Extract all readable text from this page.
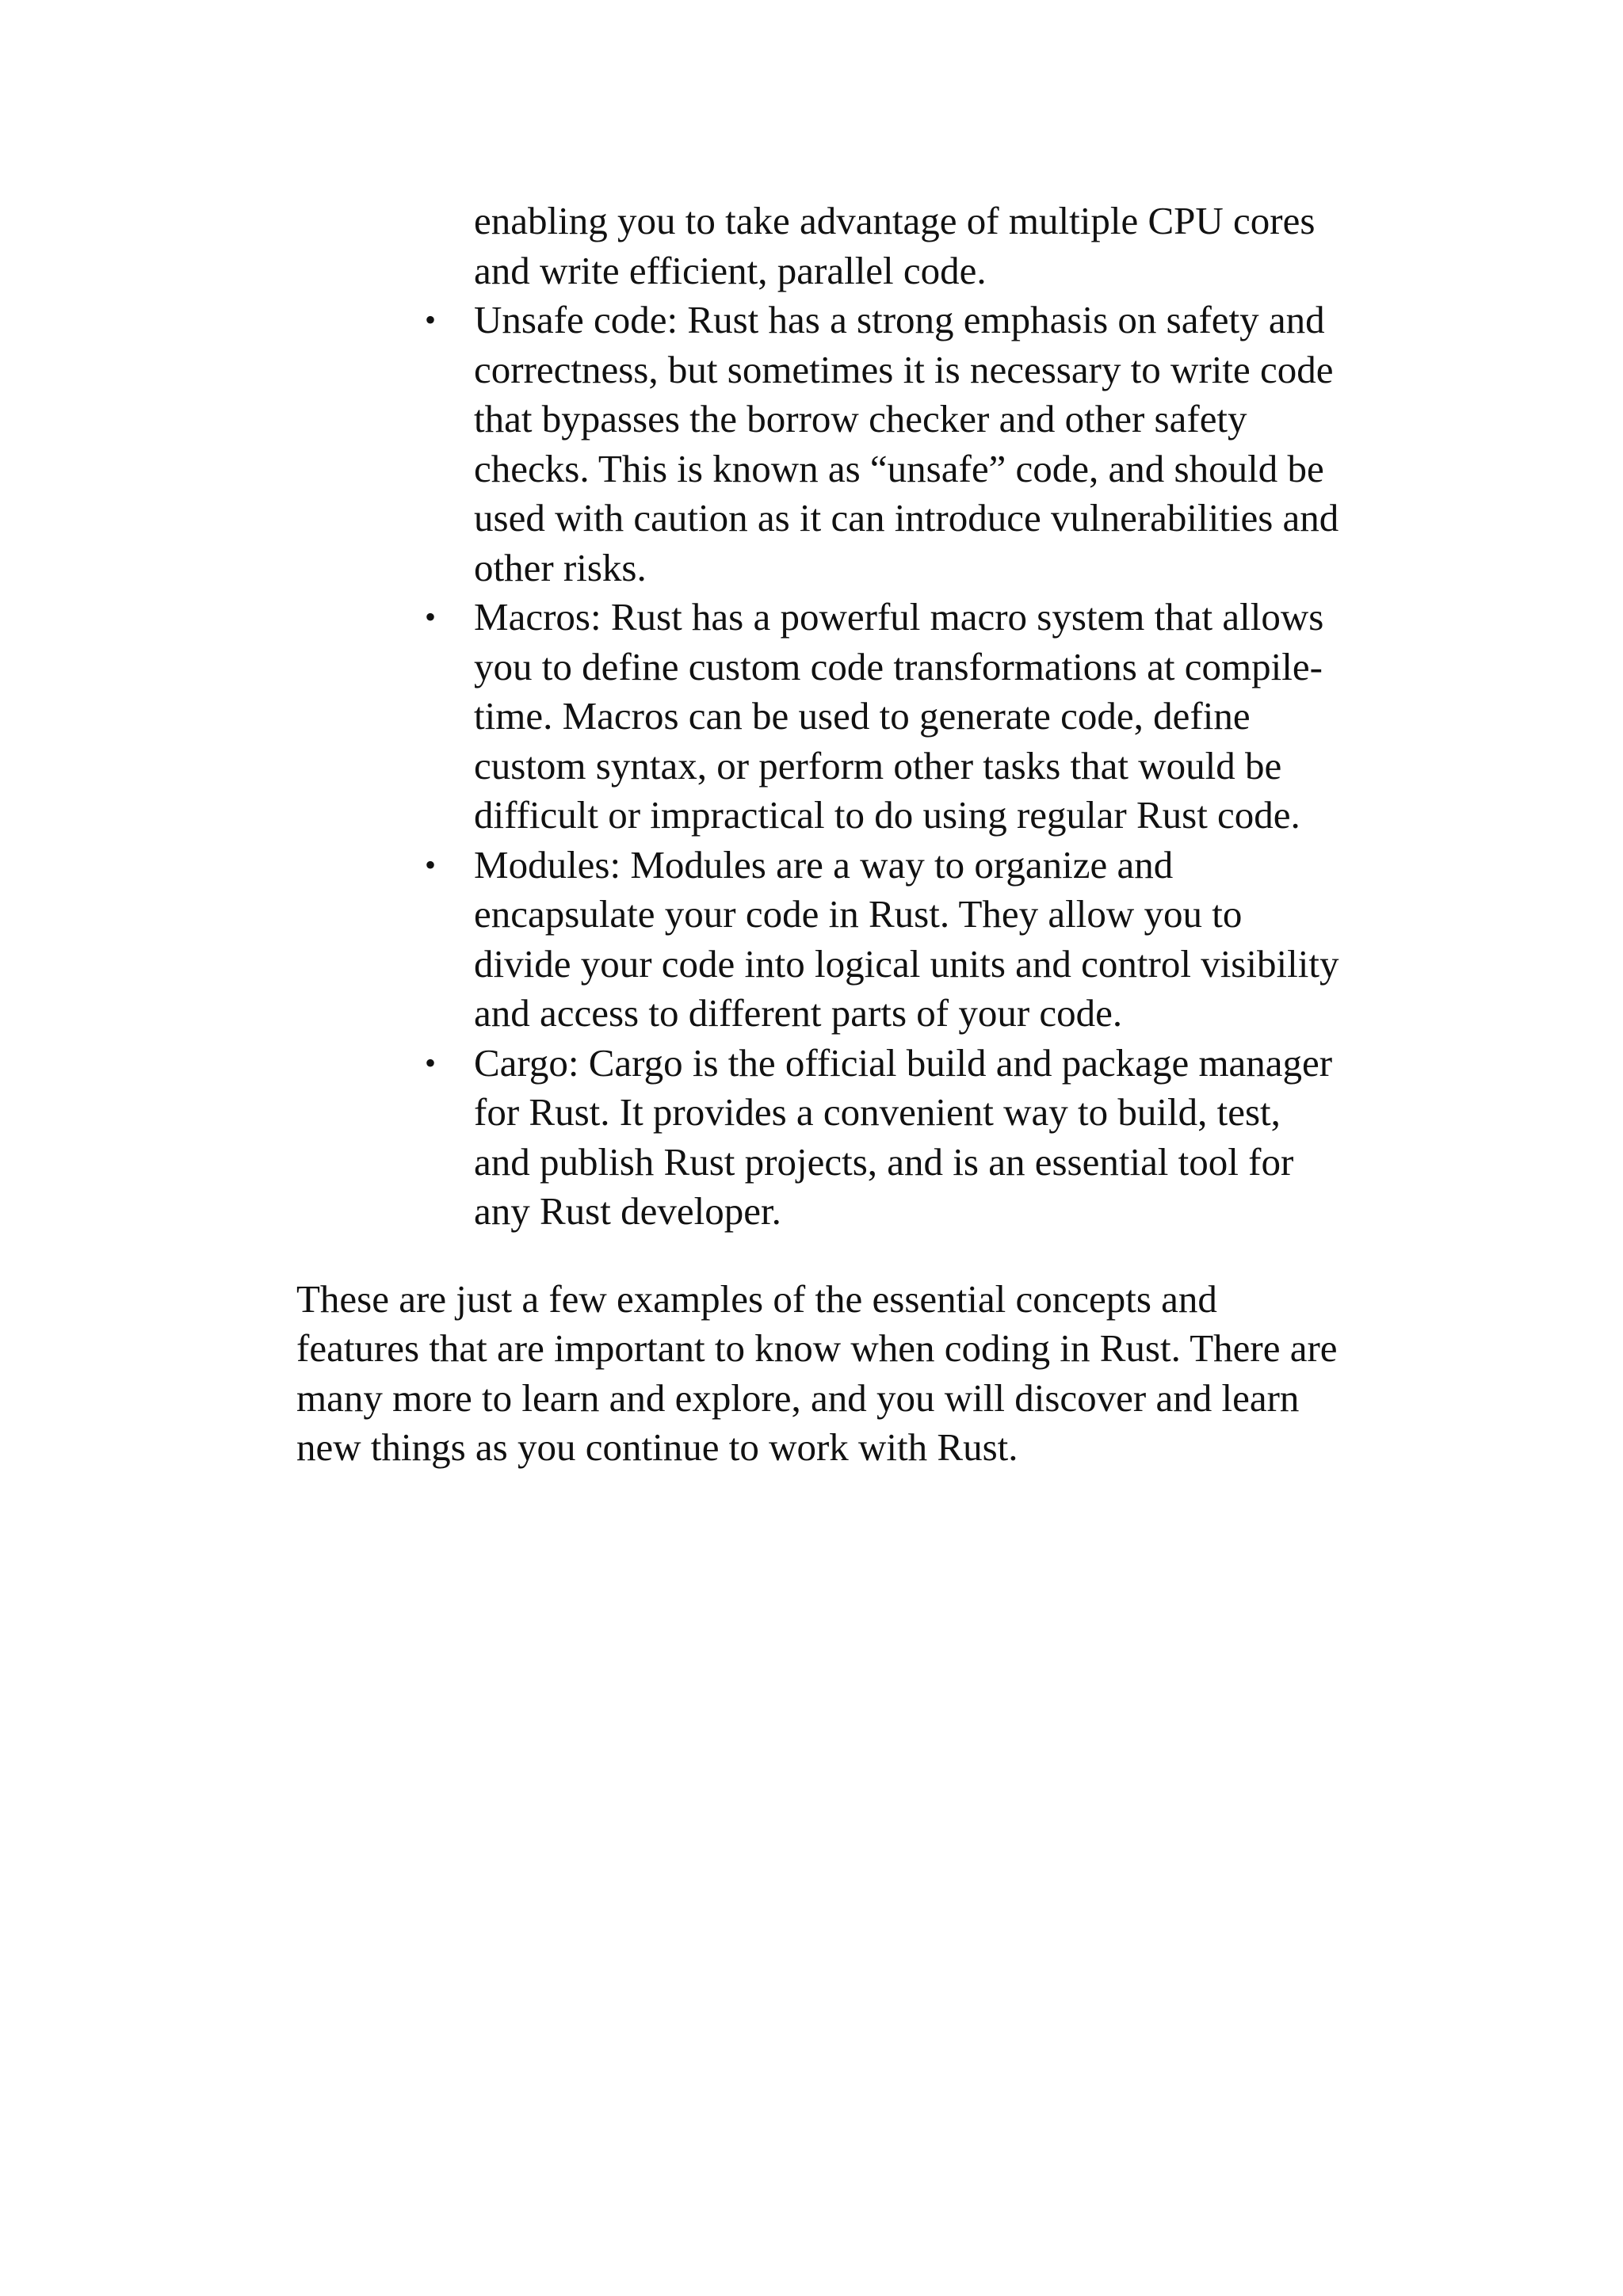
enabling you to take advantage of multiple CPU cores and write efficient, parallel code.

• Unsafe code: Rust has a strong emphasis on safety and correctness, but sometimes it is necessary to write code that bypasses the borrow checker and other safety checks. This is known as “unsafe” code, and should be used with caution as it can introduce vulnerabilities and other risks.
• Macros: Rust has a powerful macro system that allows you to define custom code transformations at compile-time. Macros can be used to generate code, define custom syntax, or perform other tasks that would be difficult or impractical to do using regular Rust code.
• Modules: Modules are a way to organize and encapsulate your code in Rust. They allow you to divide your code into logical units and control visibility and access to different parts of your code.
• Cargo: Cargo is the official build and package manager for Rust. It provides a convenient way to build, test, and publish Rust projects, and is an essential tool for any Rust developer.

These are just a few examples of the essential concepts and features that are important to know when coding in Rust. There are many more to learn and explore, and you will discover and learn new things as you continue to work with Rust.
